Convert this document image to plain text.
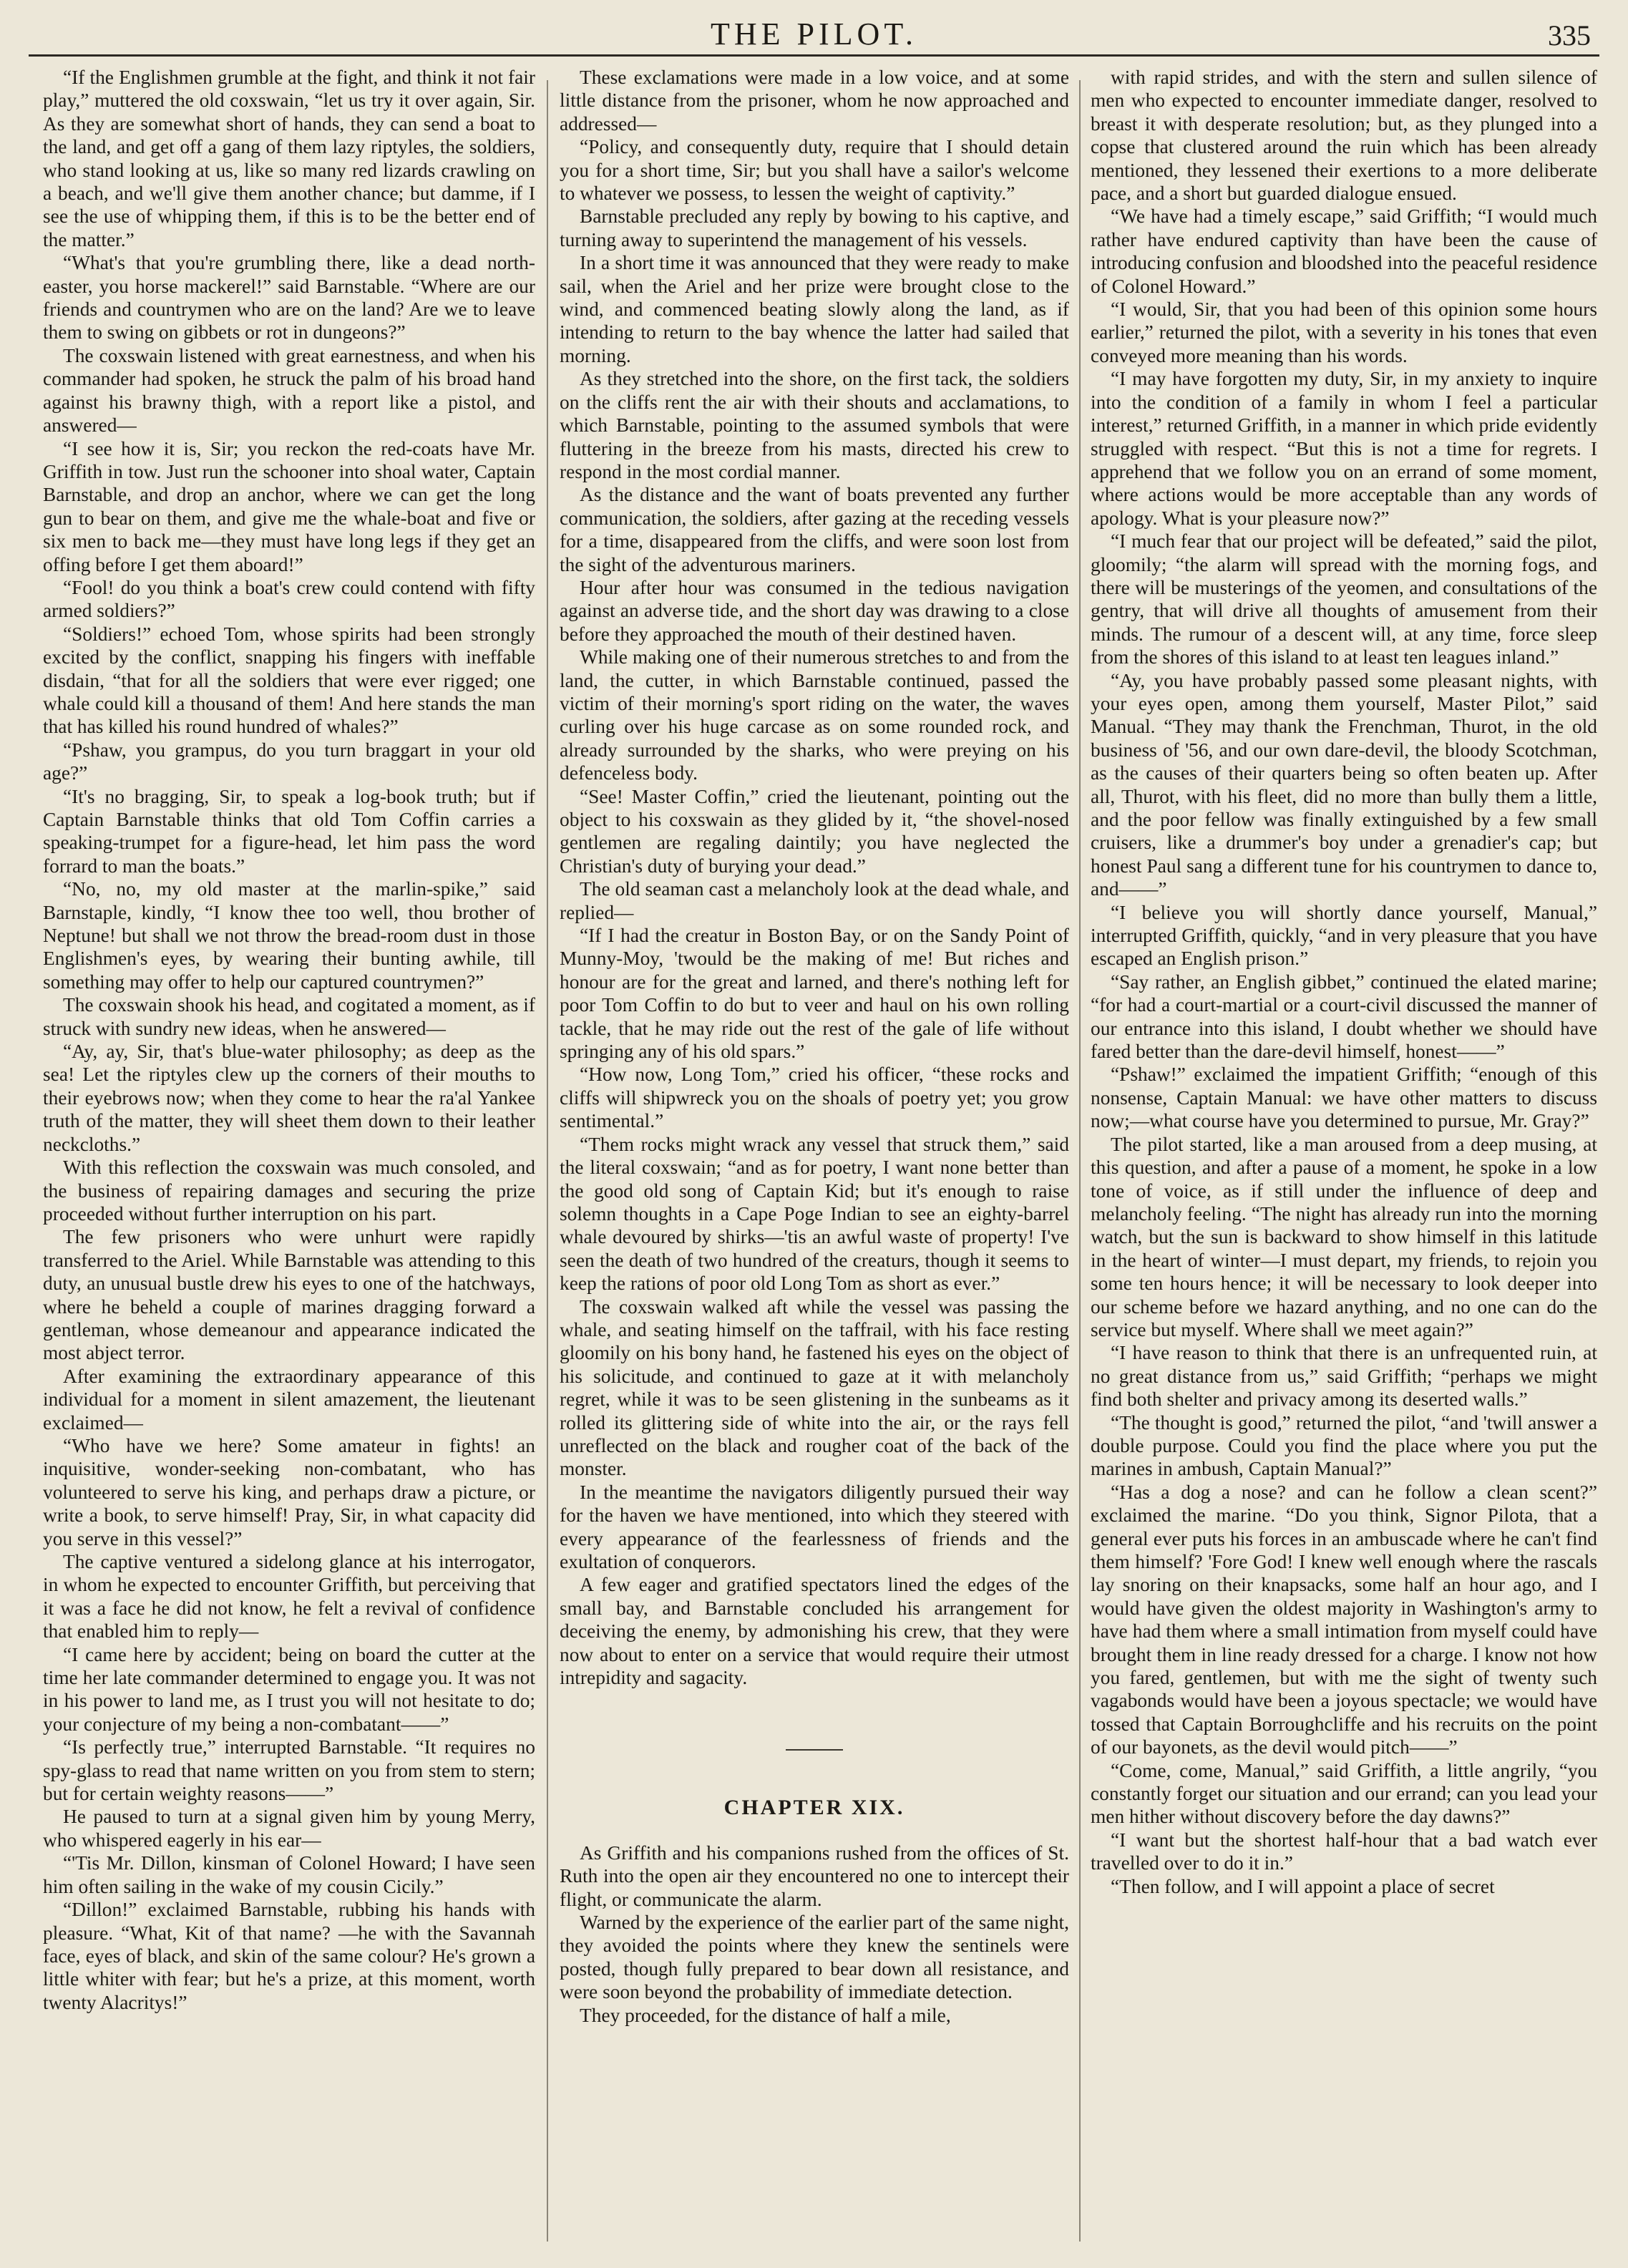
THE PILOT.	335

“If the Englishmen grumble at the fight, and think it not fair play,” muttered the old coxswain, “let us try it over again, Sir. As they are somewhat short of hands, they can send a boat to the land, and get off a gang of them lazy riptyles, the soldiers, who stand looking at us, like so many red lizards crawling on a beach, and we'll give them another chance; but damme, if I see the use of whipping them, if this is to be the better end of the matter.”

“What's that you're grumbling there, like a dead north-easter, you horse mackerel!” said Barnstable. “Where are our friends and countrymen who are on the land? Are we to leave them to swing on gibbets or rot in dungeons?”

The coxswain listened with great earnestness, and when his commander had spoken, he struck the palm of his broad hand against his brawny thigh, with a report like a pistol, and answered—

“I see how it is, Sir; you reckon the red-coats have Mr. Griffith in tow. Just run the schooner into shoal water, Captain Barnstable, and drop an anchor, where we can get the long gun to bear on them, and give me the whale-boat and five or six men to back me—they must have long legs if they get an offing before I get them aboard!”

“Fool! do you think a boat's crew could contend with fifty armed soldiers?”

“Soldiers!” echoed Tom, whose spirits had been strongly excited by the conflict, snapping his fingers with ineffable disdain, “that for all the soldiers that were ever rigged; one whale could kill a thousand of them! And here stands the man that has killed his round hundred of whales?”

“Pshaw, you grampus, do you turn braggart in your old age?”

“It's no bragging, Sir, to speak a log-book truth; but if Captain Barnstable thinks that old Tom Coffin carries a speaking-trumpet for a figure-head, let him pass the word forrard to man the boats.”

“No, no, my old master at the marlin-spike,” said Barnstaple, kindly, “I know thee too well, thou brother of Neptune! but shall we not throw the bread-room dust in those Englishmen's eyes, by wearing their bunting awhile, till something may offer to help our captured countrymen?”

The coxswain shook his head, and cogitated a moment, as if struck with sundry new ideas, when he answered—

“Ay, ay, Sir, that's blue-water philosophy; as deep as the sea! Let the riptyles clew up the corners of their mouths to their eyebrows now; when they come to hear the ra'al Yankee truth of the matter, they will sheet them down to their leather neckcloths.”

With this reflection the coxswain was much consoled, and the business of repairing damages and securing the prize proceeded without further interruption on his part.

The few prisoners who were unhurt were rapidly transferred to the Ariel. While Barnstable was attending to this duty, an unusual bustle drew his eyes to one of the hatchways, where he beheld a couple of marines dragging forward a gentleman, whose demeanour and appearance indicated the most abject terror.

After examining the extraordinary appearance of this individual for a moment in silent amazement, the lieutenant exclaimed—

“Who have we here? Some amateur in fights! an inquisitive, wonder-seeking non-combatant, who has volunteered to serve his king, and perhaps draw a picture, or write a book, to serve himself! Pray, Sir, in what capacity did you serve in this vessel?”

The captive ventured a sidelong glance at his interrogator, in whom he expected to encounter Griffith, but perceiving that it was a face he did not know, he felt a revival of confidence that enabled him to reply—

“I came here by accident; being on board the cutter at the time her late commander determined to engage you. It was not in his power to land me, as I trust you will not hesitate to do; your conjecture of my being a non-combatant——”

“Is perfectly true,” interrupted Barnstable. “It requires no spy-glass to read that name written on you from stem to stern; but for certain weighty reasons——”

He paused to turn at a signal given him by young Merry, who whispered eagerly in his ear—

“'Tis Mr. Dillon, kinsman of Colonel Howard; I have seen him often sailing in the wake of my cousin Cicily.”

“Dillon!” exclaimed Barnstable, rubbing his hands with pleasure. “What, Kit of that name? —he with the Savannah face, eyes of black, and skin of the same colour? He's grown a little whiter with fear; but he's a prize, at this moment, worth twenty Alacritys!”

These exclamations were made in a low voice, and at some little distance from the prisoner, whom he now approached and addressed—

“Policy, and consequently duty, require that I should detain you for a short time, Sir; but you shall have a sailor's welcome to whatever we possess, to lessen the weight of captivity.”

Barnstable precluded any reply by bowing to his captive, and turning away to superintend the management of his vessels.

In a short time it was announced that they were ready to make sail, when the Ariel and her prize were brought close to the wind, and commenced beating slowly along the land, as if intending to return to the bay whence the latter had sailed that morning.

As they stretched into the shore, on the first tack, the soldiers on the cliffs rent the air with their shouts and acclamations, to which Barnstable, pointing to the assumed symbols that were fluttering in the breeze from his masts, directed his crew to respond in the most cordial manner.

As the distance and the want of boats prevented any further communication, the soldiers, after gazing at the receding vessels for a time, disappeared from the cliffs, and were soon lost from the sight of the adventurous mariners.

Hour after hour was consumed in the tedious navigation against an adverse tide, and the short day was drawing to a close before they approached the mouth of their destined haven.

While making one of their numerous stretches to and from the land, the cutter, in which Barnstable continued, passed the victim of their morning's sport riding on the water, the waves curling over his huge carcase as on some rounded rock, and already surrounded by the sharks, who were preying on his defenceless body.

“See! Master Coffin,” cried the lieutenant, pointing out the object to his coxswain as they glided by it, “the shovel-nosed gentlemen are regaling daintily; you have neglected the Christian's duty of burying your dead.”

The old seaman cast a melancholy look at the dead whale, and replied—

“If I had the creatur in Boston Bay, or on the Sandy Point of Munny-Moy, 'twould be the making of me! But riches and honour are for the great and larned, and there's nothing left for poor Tom Coffin to do but to veer and haul on his own rolling tackle, that he may ride out the rest of the gale of life without springing any of his old spars.”

“How now, Long Tom,” cried his officer, “these rocks and cliffs will shipwreck you on the shoals of poetry yet; you grow sentimental.”

“Them rocks might wrack any vessel that struck them,” said the literal coxswain; “and as for poetry, I want none better than the good old song of Captain Kid; but it's enough to raise solemn thoughts in a Cape Poge Indian to see an eighty-barrel whale devoured by shirks—'tis an awful waste of property! I've seen the death of two hundred of the creaturs, though it seems to keep the rations of poor old Long Tom as short as ever.”

The coxswain walked aft while the vessel was passing the whale, and seating himself on the taffrail, with his face resting gloomily on his bony hand, he fastened his eyes on the object of his solicitude, and continued to gaze at it with melancholy regret, while it was to be seen glistening in the sunbeams as it rolled its glittering side of white into the air, or the rays fell unreflected on the black and rougher coat of the back of the monster.

In the meantime the navigators diligently pursued their way for the haven we have mentioned, into which they steered with every appearance of the fearlessness of friends and the exultation of conquerors.

A few eager and gratified spectators lined the edges of the small bay, and Barnstable concluded his arrangement for deceiving the enemy, by admonishing his crew, that they were now about to enter on a service that would require their utmost intrepidity and sagacity.

CHAPTER XIX.

As Griffith and his companions rushed from the offices of St. Ruth into the open air they encountered no one to intercept their flight, or communicate the alarm.

Warned by the experience of the earlier part of the same night, they avoided the points where they knew the sentinels were posted, though fully prepared to bear down all resistance, and were soon beyond the probability of immediate detection.

They proceeded, for the distance of half a mile,

with rapid strides, and with the stern and sullen silence of men who expected to encounter immediate danger, resolved to breast it with desperate resolution; but, as they plunged into a copse that clustered around the ruin which has been already mentioned, they lessened their exertions to a more deliberate pace, and a short but guarded dialogue ensued.

“We have had a timely escape,” said Griffith; “I would much rather have endured captivity than have been the cause of introducing confusion and bloodshed into the peaceful residence of Colonel Howard.”

“I would, Sir, that you had been of this opinion some hours earlier,” returned the pilot, with a severity in his tones that even conveyed more meaning than his words.

“I may have forgotten my duty, Sir, in my anxiety to inquire into the condition of a family in whom I feel a particular interest,” returned Griffith, in a manner in which pride evidently struggled with respect. “But this is not a time for regrets. I apprehend that we follow you on an errand of some moment, where actions would be more acceptable than any words of apology. What is your pleasure now?”

“I much fear that our project will be defeated,” said the pilot, gloomily; “the alarm will spread with the morning fogs, and there will be musterings of the yeomen, and consultations of the gentry, that will drive all thoughts of amusement from their minds. The rumour of a descent will, at any time, force sleep from the shores of this island to at least ten leagues inland.”

“Ay, you have probably passed some pleasant nights, with your eyes open, among them yourself, Master Pilot,” said Manual. “They may thank the Frenchman, Thurot, in the old business of '56, and our own dare-devil, the bloody Scotchman, as the causes of their quarters being so often beaten up. After all, Thurot, with his fleet, did no more than bully them a little, and the poor fellow was finally extinguished by a few small cruisers, like a drummer's boy under a grenadier's cap; but honest Paul sang a different tune for his countrymen to dance to, and——”

“I believe you will shortly dance yourself, Manual,” interrupted Griffith, quickly, “and in very pleasure that you have escaped an English prison.”

“Say rather, an English gibbet,” continued the elated marine; “for had a court-martial or a court-civil discussed the manner of our entrance into this island, I doubt whether we should have fared better than the dare-devil himself, honest——”

“Pshaw!” exclaimed the impatient Griffith; “enough of this nonsense, Captain Manual: we have other matters to discuss now;—what course have you determined to pursue, Mr. Gray?”

The pilot started, like a man aroused from a deep musing, at this question, and after a pause of a moment, he spoke in a low tone of voice, as if still under the influence of deep and melancholy feeling. “The night has already run into the morning watch, but the sun is backward to show himself in this latitude in the heart of winter—I must depart, my friends, to rejoin you some ten hours hence; it will be necessary to look deeper into our scheme before we hazard anything, and no one can do the service but myself. Where shall we meet again?”

“I have reason to think that there is an unfrequented ruin, at no great distance from us,” said Griffith; “perhaps we might find both shelter and privacy among its deserted walls.”

“The thought is good,” returned the pilot, “and 'twill answer a double purpose. Could you find the place where you put the marines in ambush, Captain Manual?”

“Has a dog a nose? and can he follow a clean scent?” exclaimed the marine. “Do you think, Signor Pilota, that a general ever puts his forces in an ambuscade where he can't find them himself? 'Fore God! I knew well enough where the rascals lay snoring on their knapsacks, some half an hour ago, and I would have given the oldest majority in Washington's army to have had them where a small intimation from myself could have brought them in line ready dressed for a charge. I know not how you fared, gentlemen, but with me the sight of twenty such vagabonds would have been a joyous spectacle; we would have tossed that Captain Borroughcliffe and his recruits on the point of our bayonets, as the devil would pitch——”

“Come, come, Manual,” said Griffith, a little angrily, “you constantly forget our situation and our errand; can you lead your men hither without discovery before the day dawns?”

“I want but the shortest half-hour that a bad watch ever travelled over to do it in.”

“Then follow, and I will appoint a place of secret
